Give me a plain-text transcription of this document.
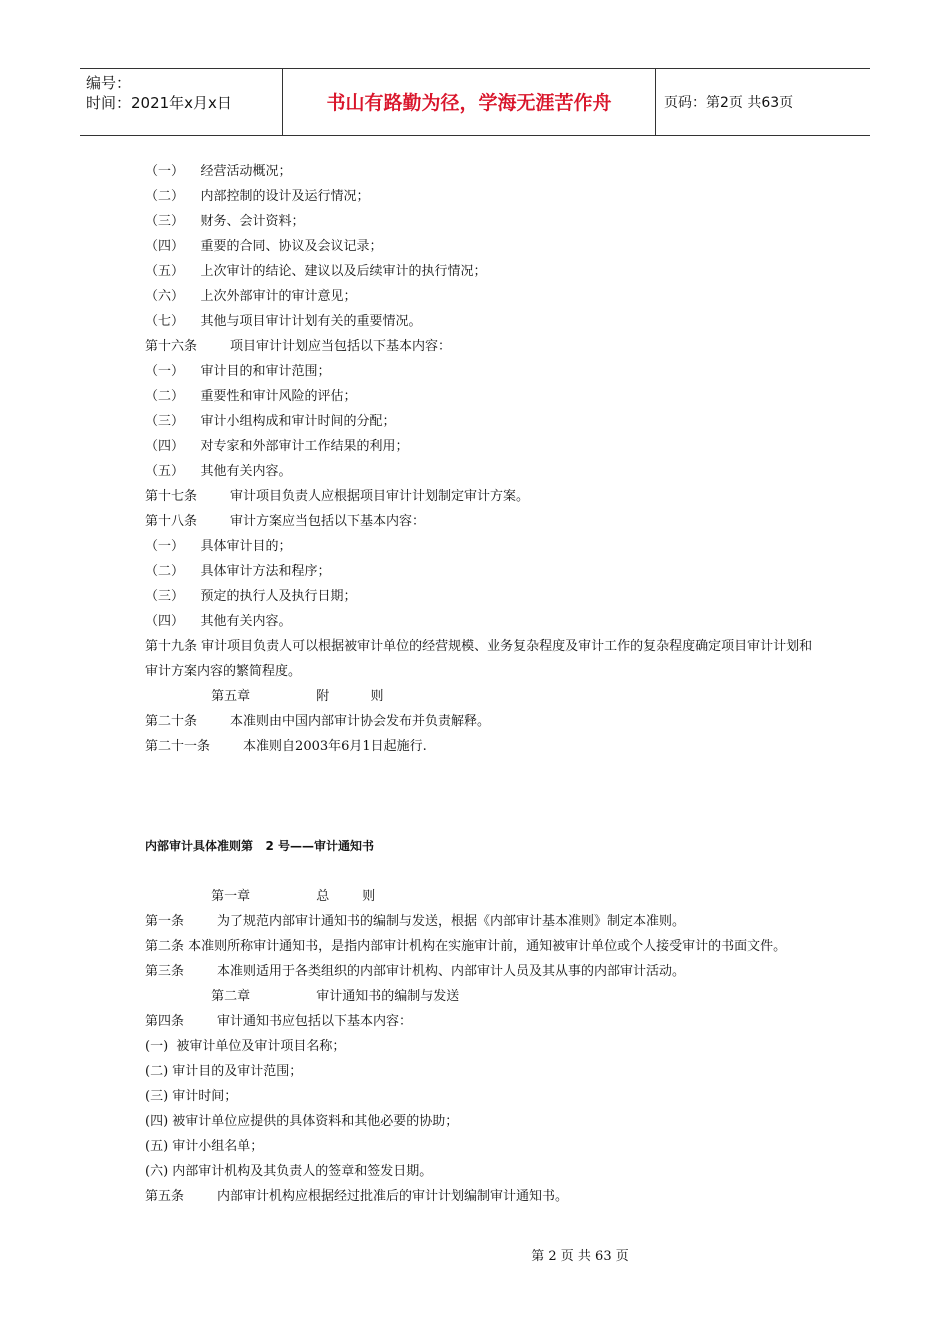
编号：
时间：2021年x月x日	书山有路勤为径，学海无涯苦作舟	页码：第2页 共63页
（一）    经营活动概况；
（二）    内部控制的设计及运行情况；
（三）    财务、会计资料；
（四）    重要的合同、协议及会议记录；
（五）    上次审计的结论、建议以及后续审计的执行情况；
（六）    上次外部审计的审计意见；
（七）    其他与项目审计计划有关的重要情况。
第十六条        项目审计计划应当包括以下基本内容：
（一）    审计目的和审计范围；
（二）    重要性和审计风险的评估；
（三）    审计小组构成和审计时间的分配；
（四）    对专家和外部审计工作结果的利用；
（五）    其他有关内容。
第十七条        审计项目负责人应根据项目审计计划制定审计方案。
第十八条        审计方案应当包括以下基本内容：
（一）    具体审计目的；
（二）    具体审计方法和程序；
（三）    预定的执行人及执行日期；
（四）    其他有关内容。
第十九条 审计项目负责人可以根据被审计单位的经营规模、业务复杂程度及审计工作的复杂程度确定项目审计计划和审计方案内容的繁简程度。
第五章                附          则
第二十条        本准则由中国内部审计协会发布并负责解释。
第二十一条        本准则自2003年6月1日起施行.
内部审计具体准则第   2 号——审计通知书
第一章                总        则
第一条        为了规范内部审计通知书的编制与发送，根据《内部审计基本准则》制定本准则。
第二条 本准则所称审计通知书，是指内部审计机构在实施审计前，通知被审计单位或个人接受审计的书面文件。
第三条        本准则适用于各类组织的内部审计机构、内部审计人员及其从事的内部审计活动。
第二章                审计通知书的编制与发送
第四条        审计通知书应包括以下基本内容：
(一)  被审计单位及审计项目名称；
(二) 审计目的及审计范围；
(三) 审计时间；
(四) 被审计单位应提供的具体资料和其他必要的协助；
(五) 审计小组名单；
(六) 内部审计机构及其负责人的签章和签发日期。
第五条        内部审计机构应根据经过批准后的审计计划编制审计通知书。
第 2 页 共 63 页
